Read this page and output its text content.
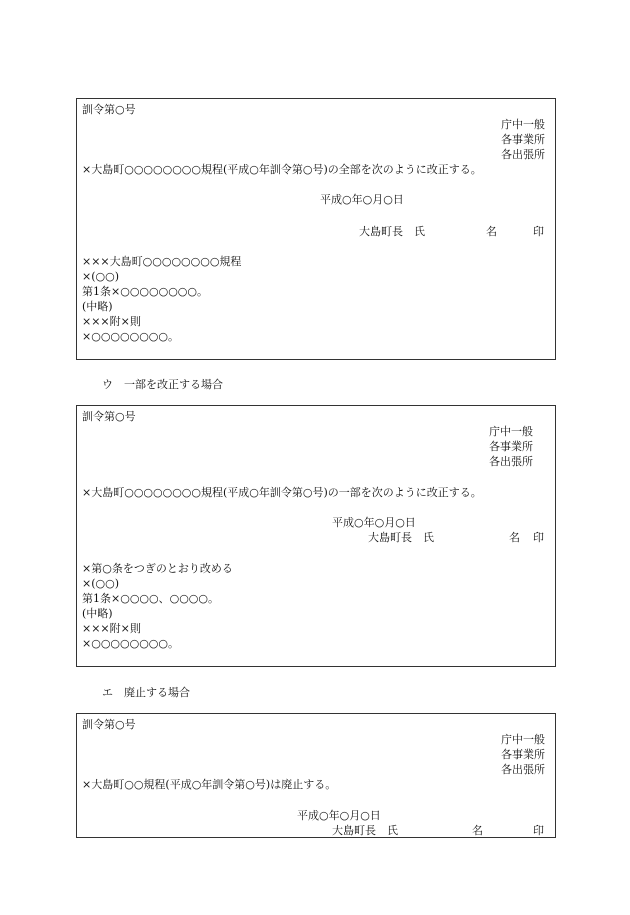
訓令第○号
庁中一般
各事業所
各出張所
×大島町○○○○○○○○規程(平成○年訓令第○号)の全部を次のように改正する。
平成○年○月○日
大島町長　氏	名	印
×××大島町○○○○○○○○規程
×(○○)
第1条×○○○○○○○○。
(中略)
×××附×則
×○○○○○○○○。
ウ　一部を改正する場合
訓令第○号
庁中一般
各事業所
各出張所
×大島町○○○○○○○○規程(平成○年訓令第○号)の一部を次のように改正する。
平成○年○月○日
大島町長　氏	名 印
×第○条をつぎのとおり改める
×(○○)
第1条×○○○○、○○○○。
(中略)
×××附×則
×○○○○○○○○。
エ　廃止する場合
訓令第○号
庁中一般
各事業所
各出張所
×大島町○○規程(平成○年訓令第○号)は廃止する。
平成○年○月○日
大島町長　氏	名	印
